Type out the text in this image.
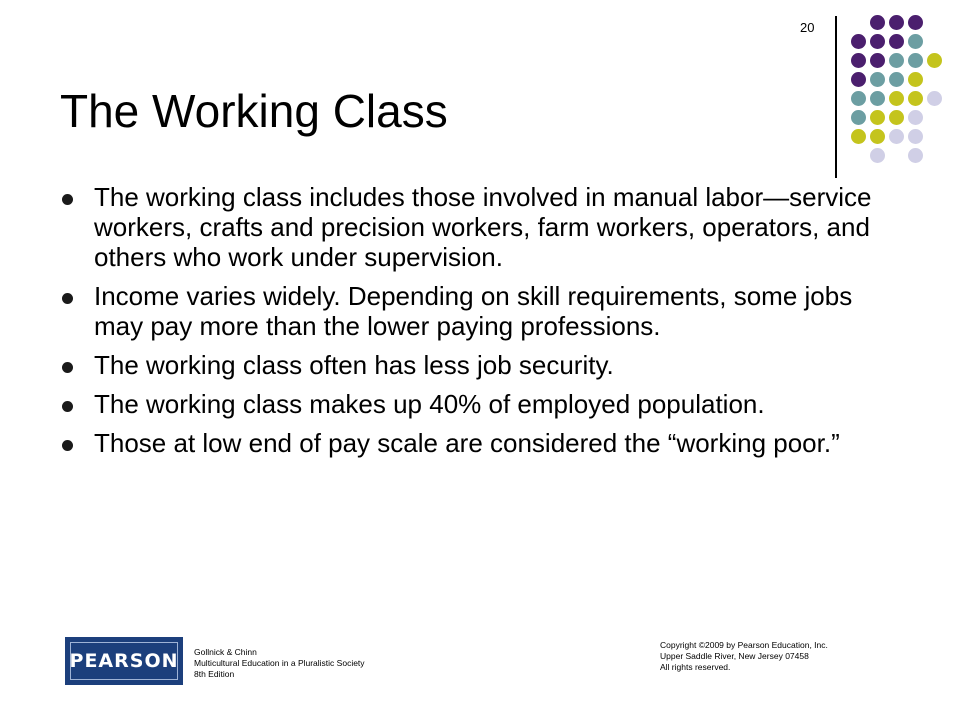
20
The Working Class
The working class includes those involved in manual labor—service workers, crafts and precision workers, farm workers, operators, and others who work under supervision.
Income varies widely. Depending on skill requirements, some jobs may pay more than the lower paying professions.
The working class often has less job security.
The working class makes up 40% of employed population.
Those at low end of pay scale are considered the “working poor.”
PEARSON Gollnick & Chinn
Multicultural Education in a Pluralistic Society
8th Edition
Copyright ©2009 by Pearson Education, Inc.
Upper Saddle River, New Jersey 07458
All rights reserved.
